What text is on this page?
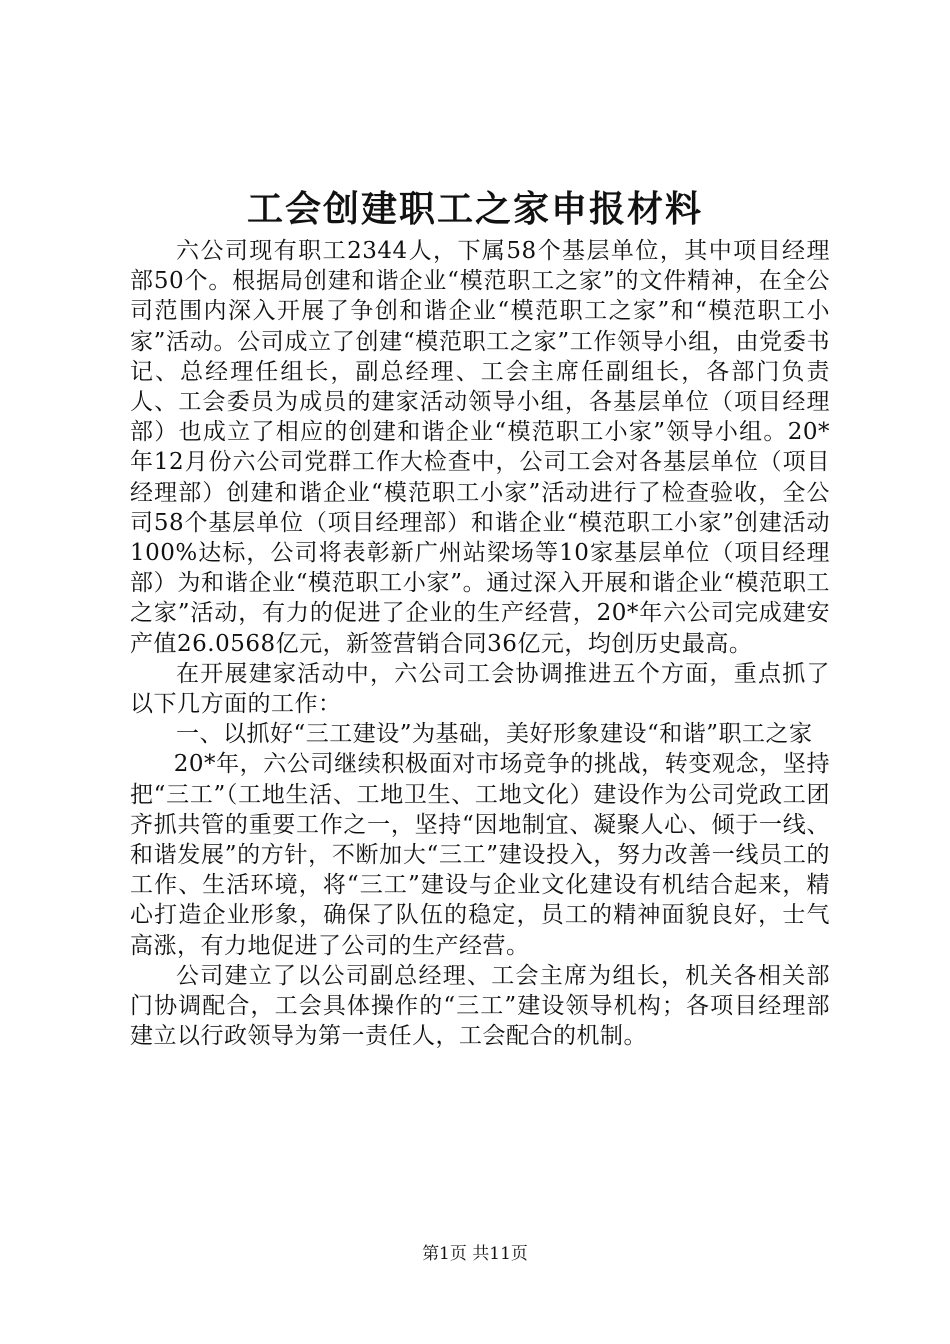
工会创建职工之家申报材料

六公司现有职工2344人，下属58个基层单位，其中项目经理部50个。根据局创建和谐企业“模范职工之家”的文件精神，在全公司范围内深入开展了争创和谐企业“模范职工之家”和“模范职工小家”活动。公司成立了创建“模范职工之家”工作领导小组，由党委书记、总经理任组长，副总经理、工会主席任副组长，各部门负责人、工会委员为成员的建家活动领导小组，各基层单位（项目经理部）也成立了相应的创建和谐企业“模范职工小家”领导小组。20*年12月份六公司党群工作大检查中，公司工会对各基层单位（项目经理部）创建和谐企业“模范职工小家”活动进行了检查验收，全公司58个基层单位（项目经理部）和谐企业“模范职工小家”创建活动100%达标，公司将表彰新广州站梁场等10家基层单位（项目经理部）为和谐企业“模范职工小家”。通过深入开展和谐企业“模范职工之家”活动，有力的促进了企业的生产经营，20*年六公司完成建安产值26.0568亿元，新签营销合同36亿元，均创历史最高。

在开展建家活动中，六公司工会协调推进五个方面，重点抓了以下几方面的工作：

一、以抓好“三工建设”为基础，美好形象建设“和谐”职工之家

20*年，六公司继续积极面对市场竞争的挑战，转变观念，坚持把“三工”（工地生活、工地卫生、工地文化）建设作为公司党政工团齐抓共管的重要工作之一，坚持“因地制宜、凝聚人心、倾于一线、和谐发展”的方针，不断加大“三工”建设投入，努力改善一线员工的工作、生活环境，将“三工”建设与企业文化建设有机结合起来，精心打造企业形象，确保了队伍的稳定，员工的精神面貌良好，士气高涨，有力地促进了公司的生产经营。

公司建立了以公司副总经理、工会主席为组长，机关各相关部门协调配合，工会具体操作的“三工”建设领导机构；各项目经理部建立以行政领导为第一责任人，工会配合的机制。

第1页 共11页
